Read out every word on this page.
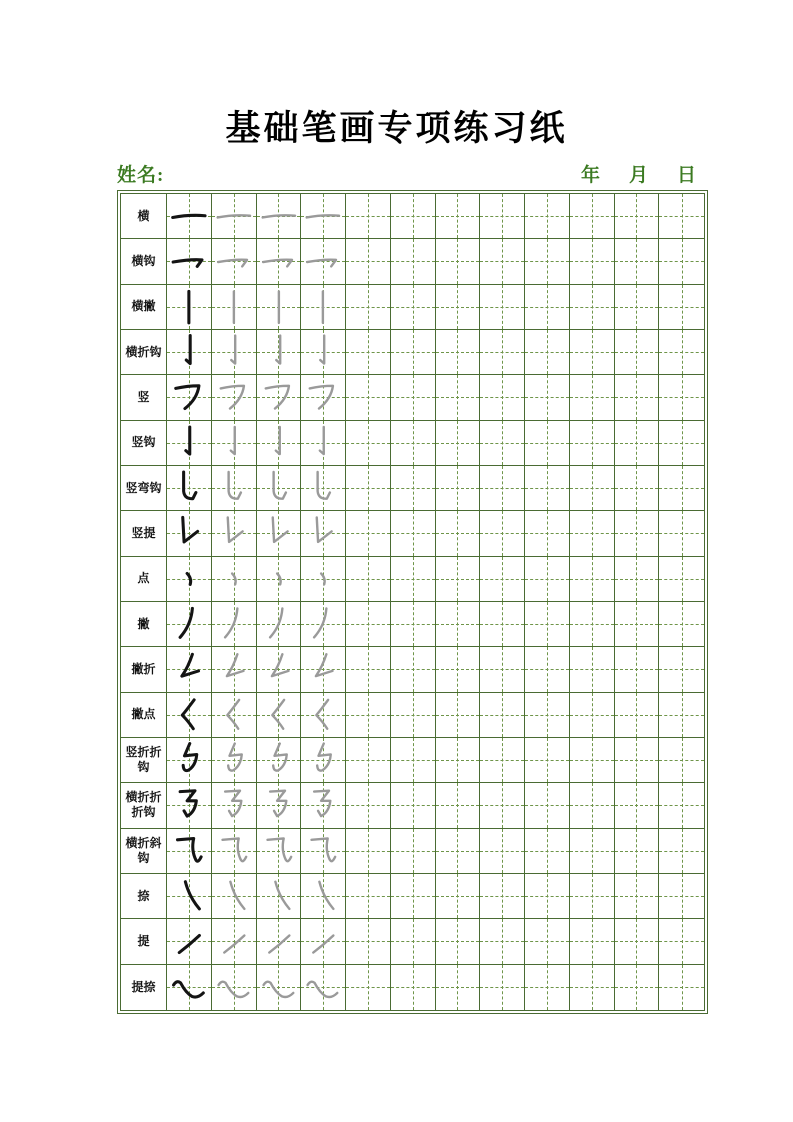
基础笔画专项练习纸
姓名:	年 月 日
横
横钩
横撇
横折钩
竖
竖钩
竖弯钩
竖提
点
撇
撇折
撇点
竖折折钩
横折折折钩
横折斜钩
捺
提
提捺
